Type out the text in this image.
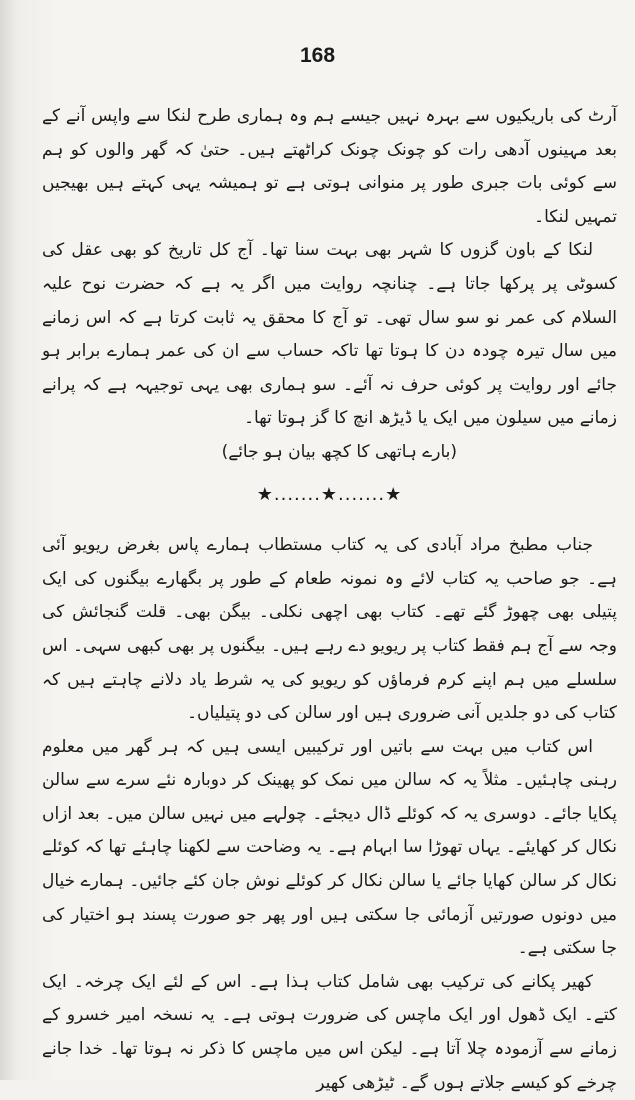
168

آرٹ کی باریکیوں سے بہرہ نہیں جیسے ہم وہ ہماری طرح لنکا سے واپس آنے کے بعد مہینوں آدھی رات کو چونک چونک کراٹھتے ہیں۔ حتیٰ کہ گھر والوں کو ہم سے کوئی بات جبری طور پر منوانی ہوتی ہے تو ہمیشہ یہی کہتے ہیں بھیجیں تمہیں لنکا۔

لنکا کے باون گزوں کا شہر بھی بہت سنا تھا۔ آج کل تاریخ کو بھی عقل کی کسوٹی پر پرکھا جاتا ہے۔ چنانچہ روایت میں اگر یہ ہے کہ حضرت نوح علیہ السلام کی عمر نو سو سال تھی۔ تو آج کا محقق یہ ثابت کرتا ہے کہ اس زمانے میں سال تیرہ چودہ دن کا ہوتا تھا تاکہ حساب سے ان کی عمر ہمارے برابر ہو جائے اور روایت پر کوئی حرف نہ آئے۔ سو ہماری بھی یہی توجیہہ ہے کہ پرانے زمانے میں سیلون میں ایک یا ڈیڑھ انچ کا گز ہوتا تھا۔

(بارے ہاتھی کا کچھ بیان ہو جائے)

★.......★.......★

جناب مطبخ مراد آبادی کی یہ کتاب مستطاب ہمارے پاس بغرض ریویو آئی ہے۔ جو صاحب یہ کتاب لائے وہ نمونہ طعام کے طور پر بگھارے بیگنوں کی ایک پتیلی بھی چھوڑ گئے تھے۔ کتاب بھی اچھی نکلی۔ بیگن بھی۔ قلت گنجائش کی وجہ سے آج ہم فقط کتاب پر ریویو دے رہے ہیں۔ بیگنوں پر بھی کبھی سہی۔ اس سلسلے میں ہم اپنے کرم فرماؤں کو ریویو کی یہ شرط یاد دلانے چاہتے ہیں کہ کتاب کی دو جلدیں آنی ضروری ہیں اور سالن کی دو پتیلیاں۔

اس کتاب میں بہت سے باتیں اور ترکیبیں ایسی ہیں کہ ہر گھر میں معلوم رہنی چاہئیں۔ مثلاً یہ کہ سالن میں نمک کو پھینک کر دوبارہ نئے سرے سے سالن پکایا جائے۔ دوسری یہ کہ کوئلے ڈال دیجئے۔ چولہے میں نہیں سالن میں۔ بعد ازاں نکال کر کھایئے۔ یہاں تھوڑا سا ابہام ہے۔ یہ وضاحت سے لکھنا چاہئے تھا کہ کوئلے نکال کر سالن کھایا جائے یا سالن نکال کر کوئلے نوش جان کئے جائیں۔ ہمارے خیال میں دونوں صورتیں آزمائی جا سکتی ہیں اور پھر جو صورت پسند ہو اختیار کی جا سکتی ہے۔

کھیر پکانے کی ترکیب بھی شامل کتاب ہذا ہے۔ اس کے لئے ایک چرخہ۔ ایک کتے۔ ایک ڈھول اور ایک ماچس کی ضرورت ہوتی ہے۔ یہ نسخہ امیر خسرو کے زمانے سے آزمودہ چلا آتا ہے۔ لیکن اس میں ماچس کا ذکر نہ ہوتا تھا۔ خدا جانے چرخے کو کیسے جلاتے ہوں گے۔ ٹیڑھی کھیر
